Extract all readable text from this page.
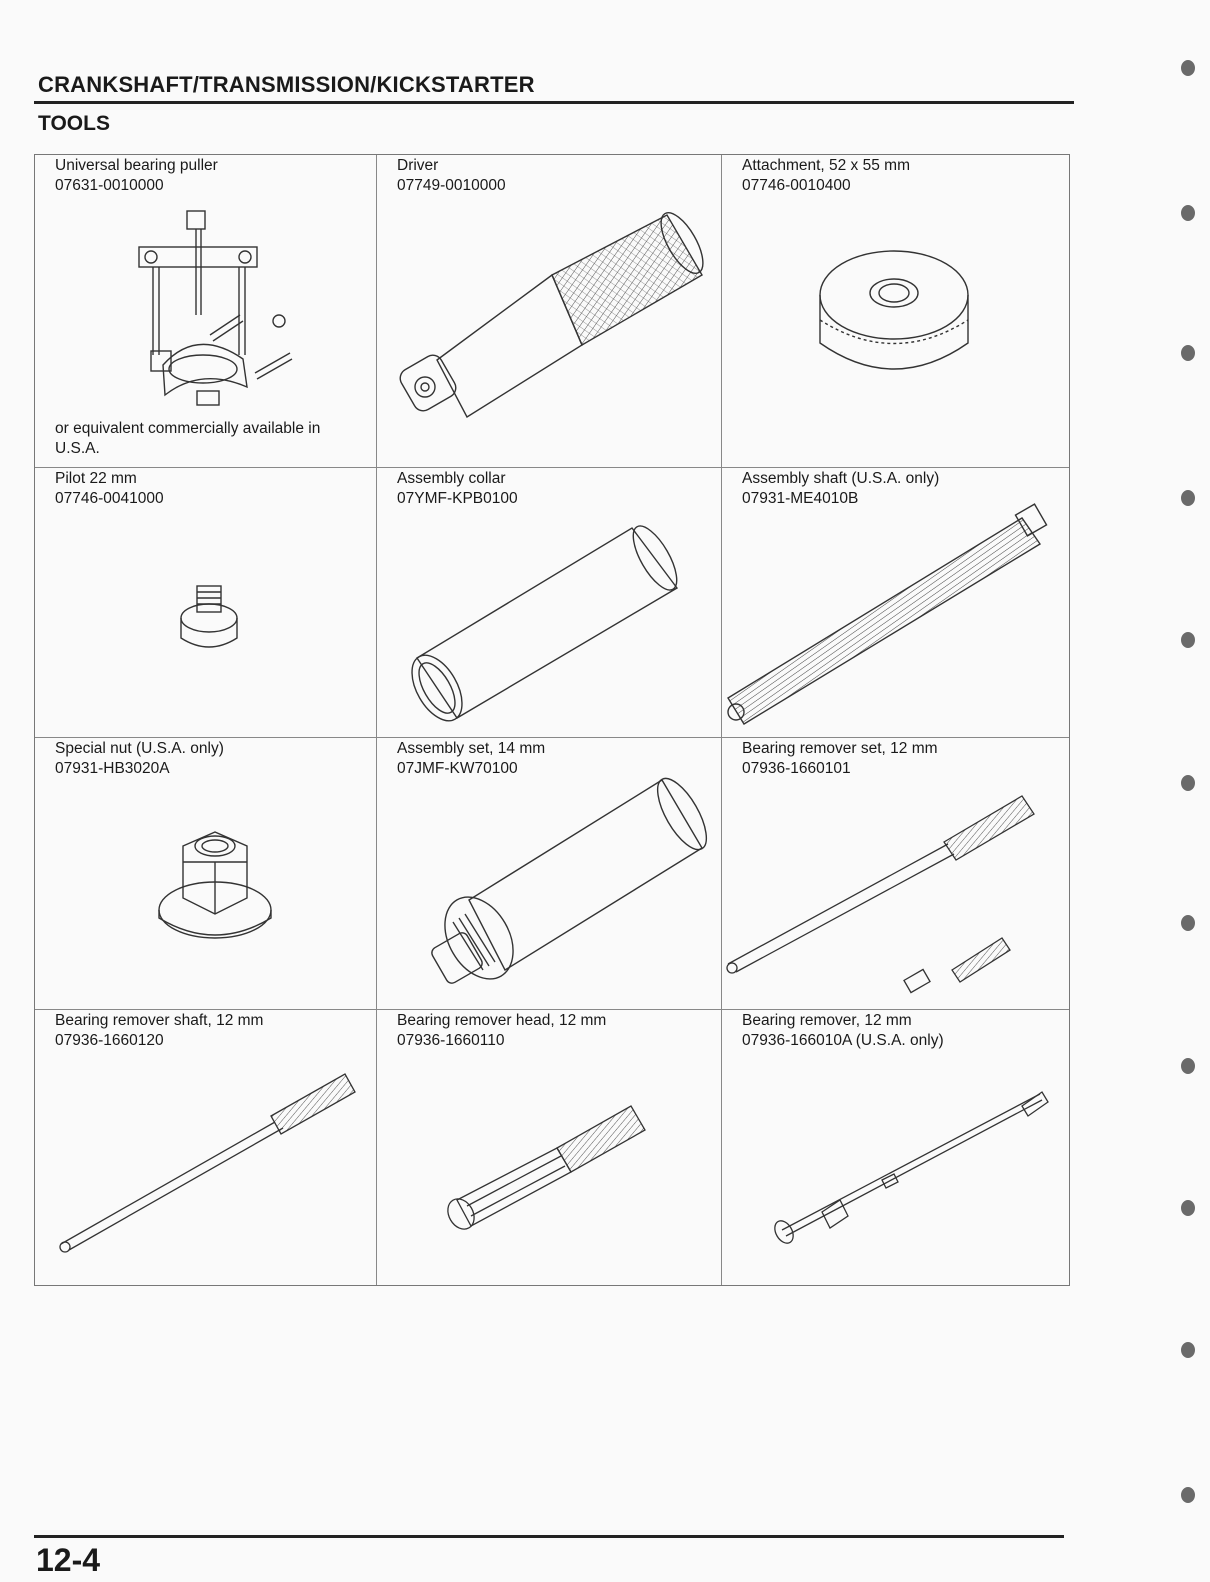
CRANKSHAFT/TRANSMISSION/KICKSTARTER
TOOLS
Universal bearing puller
07631-0010000
or equivalent commercially available in U.S.A.
Driver
07749-0010000
Attachment, 52 x 55 mm
07746-0010400
Pilot 22 mm
07746-0041000
Assembly collar
07YMF-KPB0100
Assembly shaft (U.S.A. only)
07931-ME4010B
Special nut (U.S.A. only)
07931-HB3020A
Assembly set, 14 mm
07JMF-KW70100
Bearing remover set, 12 mm
07936-1660101
Bearing remover shaft, 12 mm
07936-1660120
Bearing remover head, 12 mm
07936-1660110
Bearing remover, 12 mm
07936-166010A (U.S.A. only)
12-4
